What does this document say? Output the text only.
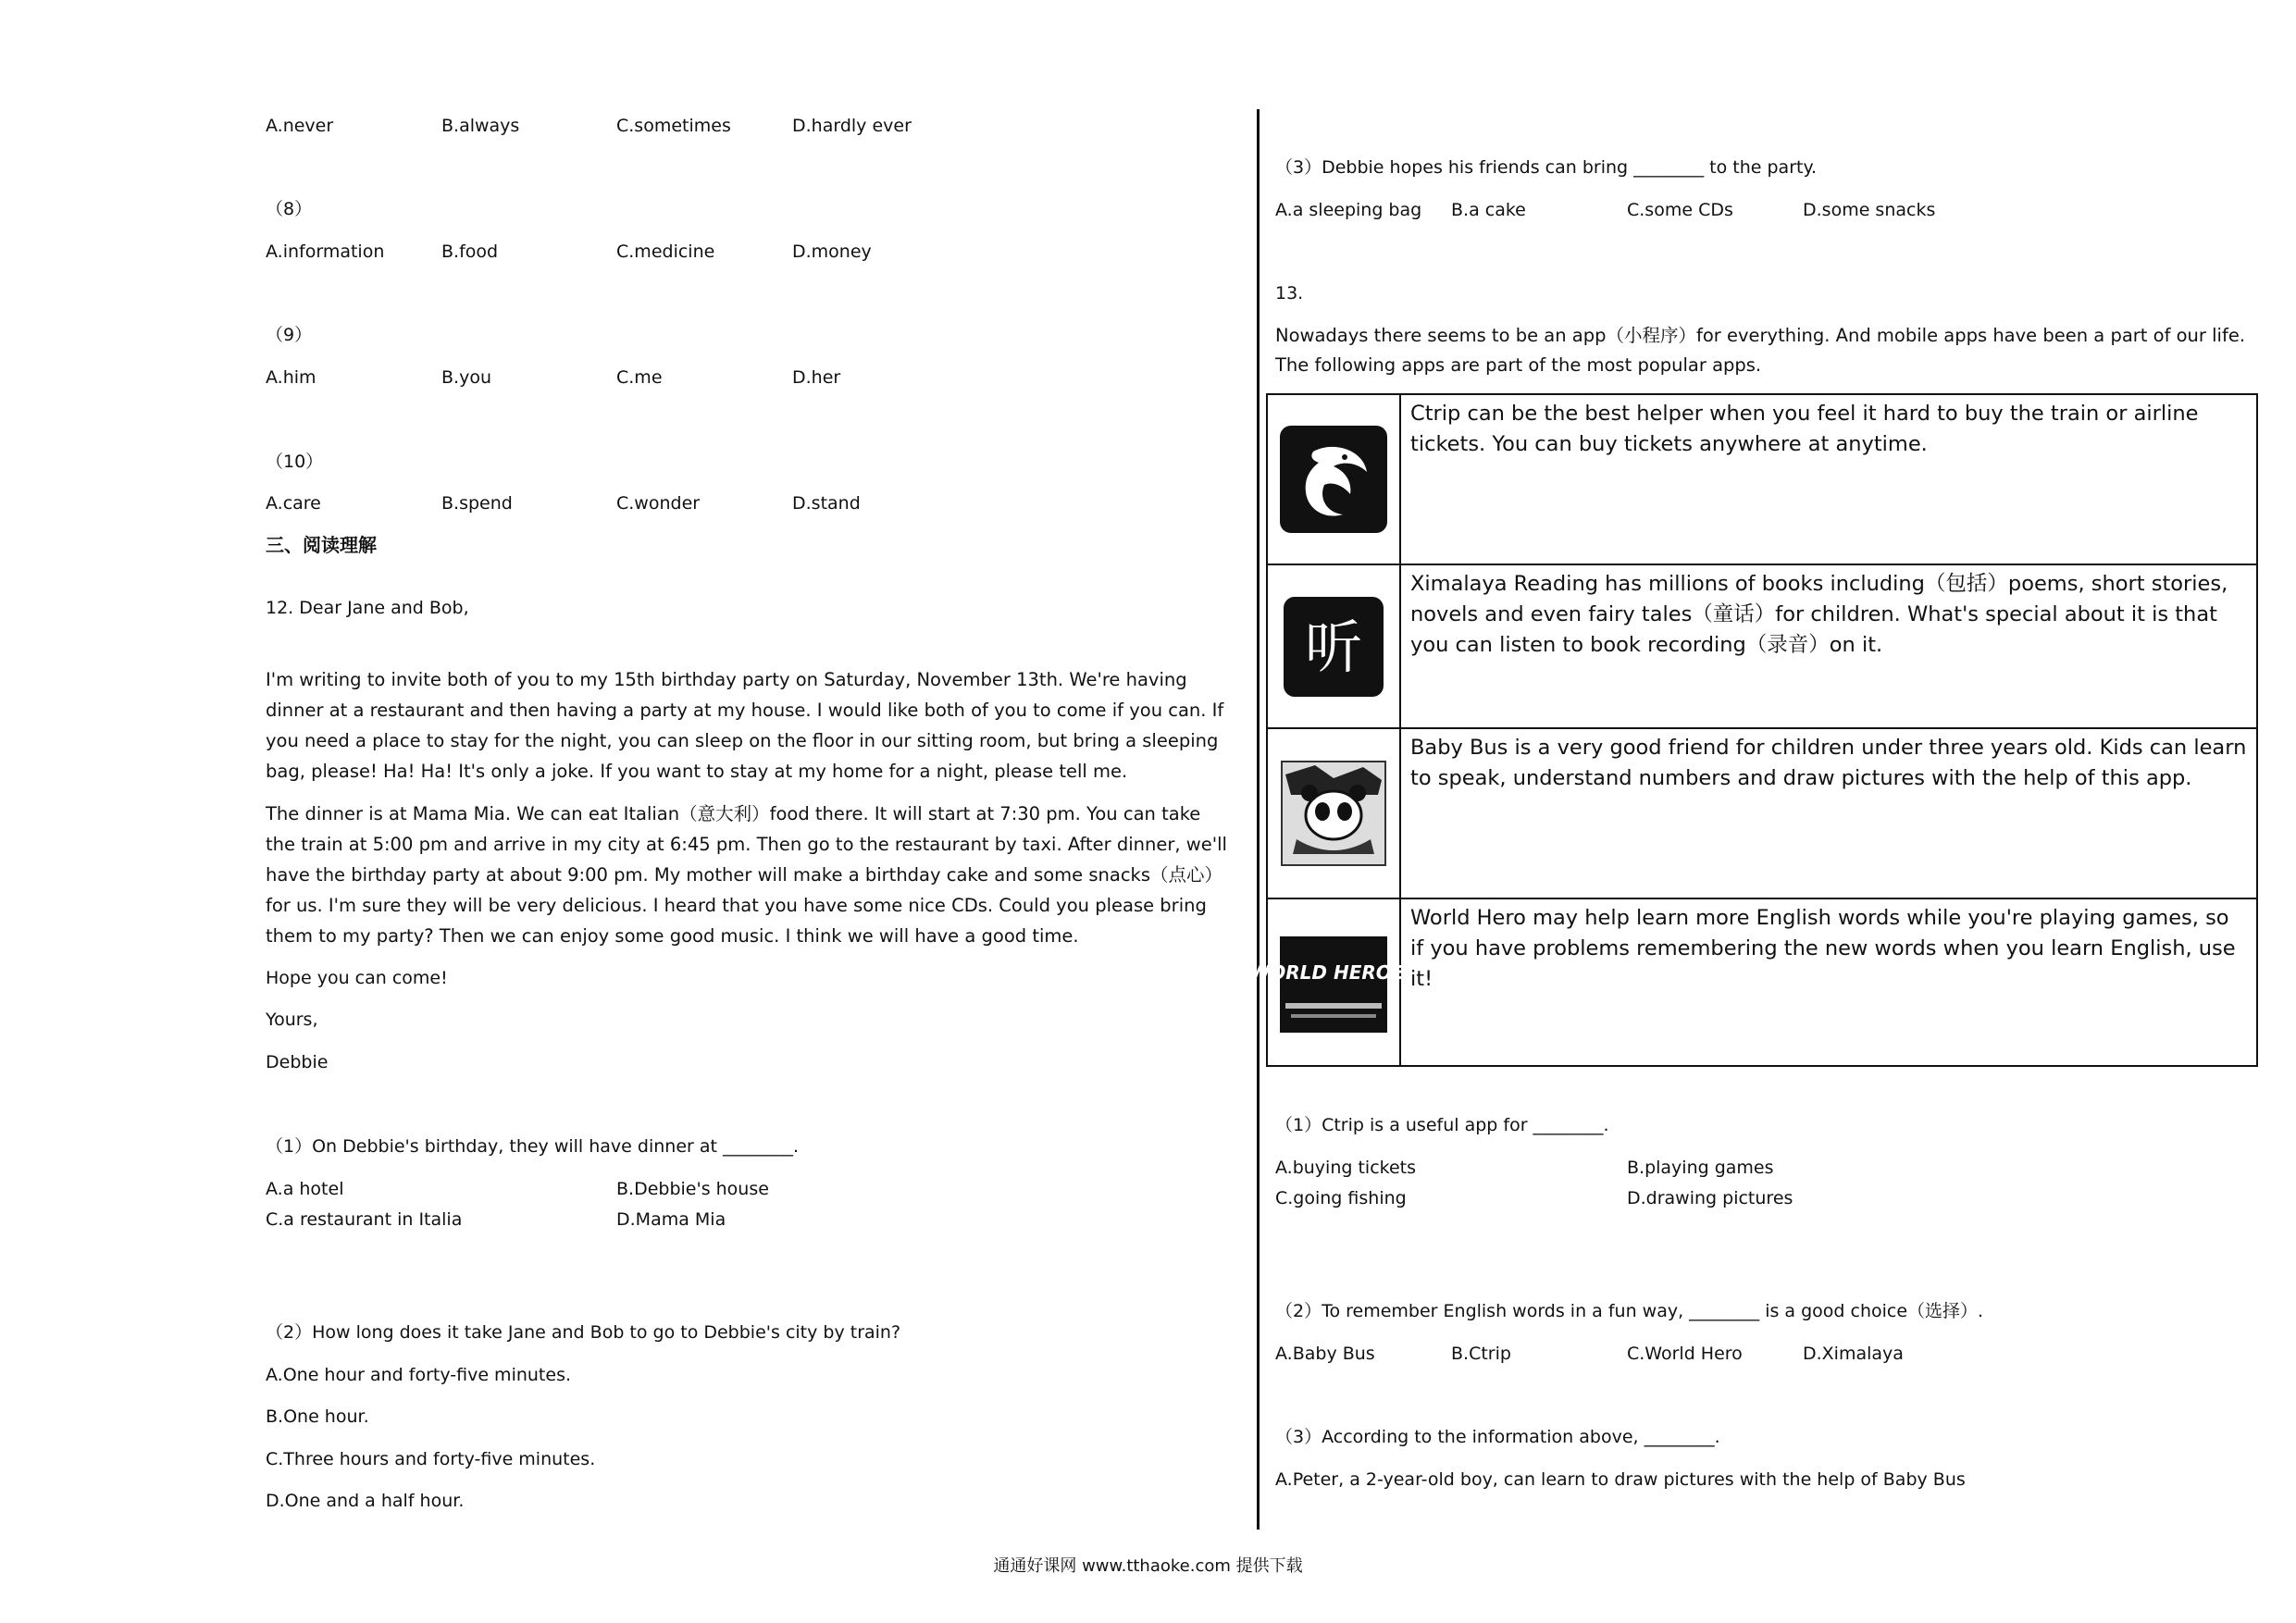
A.never	B.always	C.sometimes	D.hardly ever
（8）
A.information	B.food	C.medicine	D.money
（9）
A.him	B.you	C.me	D.her
（10）
A.care	B.spend	C.wonder	D.stand
三、阅读理解
12. Dear Jane and Bob,
I'm writing to invite both of you to my 15th birthday party on Saturday, November 13th. We're having dinner at a restaurant and then having a party at my house. I would like both of you to come if you can. If you need a place to stay for the night, you can sleep on the floor in our sitting room, but bring a sleeping bag, please! Ha! Ha! It's only a joke. If you want to stay at my home for a night, please tell me.
The dinner is at Mama Mia. We can eat Italian（意大利）food there. It will start at 7:30 pm. You can take the train at 5:00 pm and arrive in my city at 6:45 pm. Then go to the restaurant by taxi. After dinner, we'll have the birthday party at about 9:00 pm. My mother will make a birthday cake and some snacks（点心）for us. I'm sure they will be very delicious. I heard that you have some nice CDs. Could you please bring them to my party? Then we can enjoy some good music. I think we will have a good time.
Hope you can come!
Yours,
Debbie
（1）On Debbie's birthday, they will have dinner at ________.
A.a hotel	B.Debbie's house
C.a restaurant in Italia	D.Mama Mia
（2）How long does it take Jane and Bob to go to Debbie's city by train?
A.One hour and forty-five minutes.
B.One hour.
C.Three hours and forty-five minutes.
D.One and a half hour.
（3）Debbie hopes his friends can bring ________ to the party.
A.a sleeping bag B.a cake	C.some CDs	D.some snacks
13.
Nowadays there seems to be an app（小程序）for everything. And mobile apps have been a part of our life. The following apps are part of the most popular apps.
	Ctrip can be the best helper when you feel it hard to buy the train or airline tickets. You can buy tickets anywhere at anytime.

听	Ximalaya Reading has millions of books including（包括）poems, short stories, novels and even fairy tales（童话）for children. What's special about it is that you can listen to book recording（录音）on it.

	Baby Bus is a very good friend for children under three years old. Kids can learn to speak, understand numbers and draw pictures with the help of this app.

WORLD HEROES	World Hero may help learn more English words while you're playing games, so if you have problems remembering the new words when you learn English, use it!
（1）Ctrip is a useful app for ________.
A.buying tickets	B.playing games
C.going fishing	D.drawing pictures
（2）To remember English words in a fun way, ________ is a good choice（选择）.
A.Baby Bus	B.Ctrip	C.World Hero	D.Ximalaya
（3）According to the information above, ________.
A.Peter, a 2-year-old boy, can learn to draw pictures with the help of Baby Bus
通通好课网 www.tthaoke.com 提供下载
